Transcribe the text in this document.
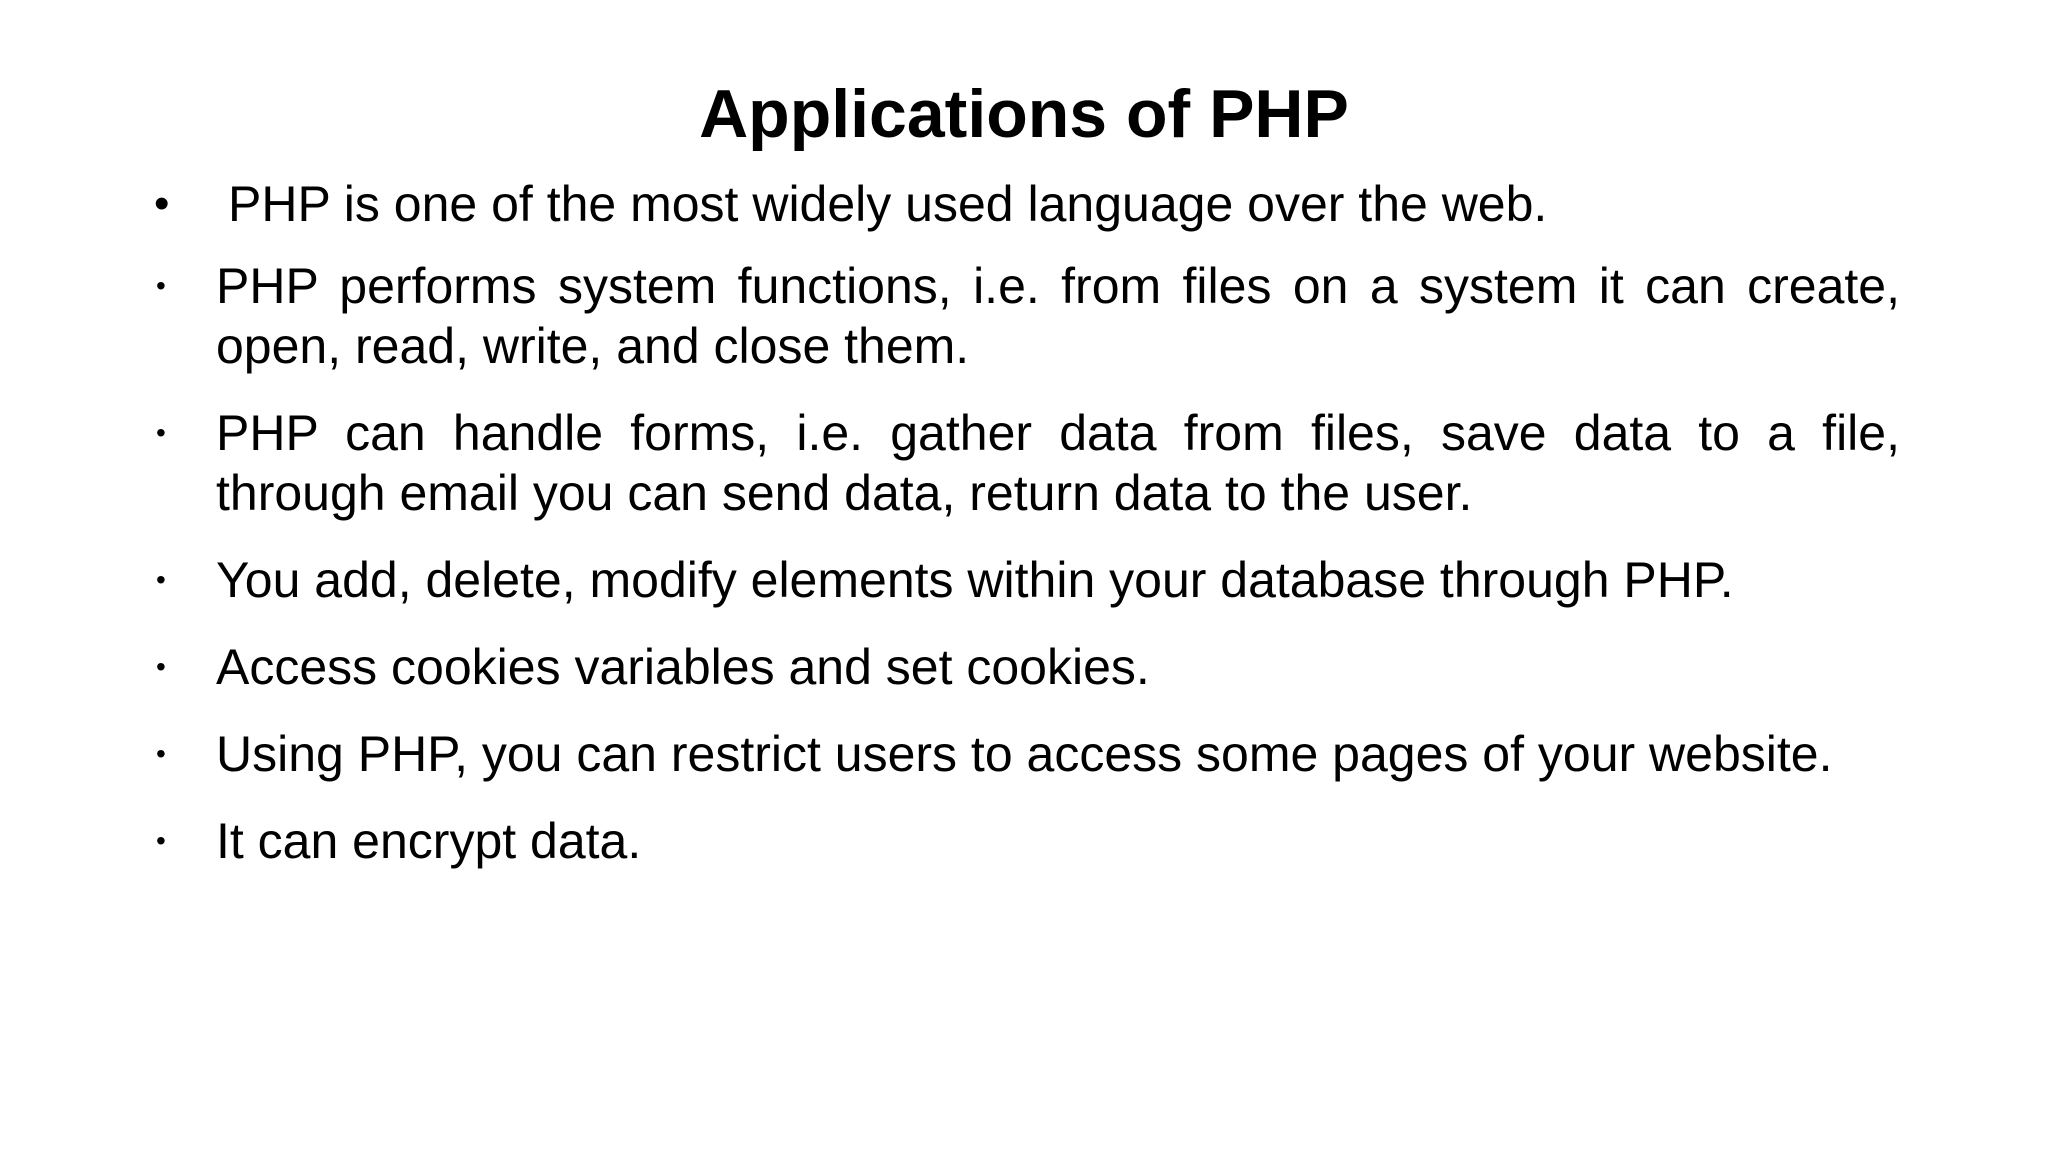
Applications of PHP
• PHP is one of the most widely used language over the web.
• PHP performs system functions, i.e. from files on a system it can create, open, read, write, and close them.
• PHP can handle forms, i.e. gather data from files, save data to a file, through email you can send data, return data to the user.
• You add, delete, modify elements within your database through PHP.
• Access cookies variables and set cookies.
• Using PHP, you can restrict users to access some pages of your website.
• It can encrypt data.
